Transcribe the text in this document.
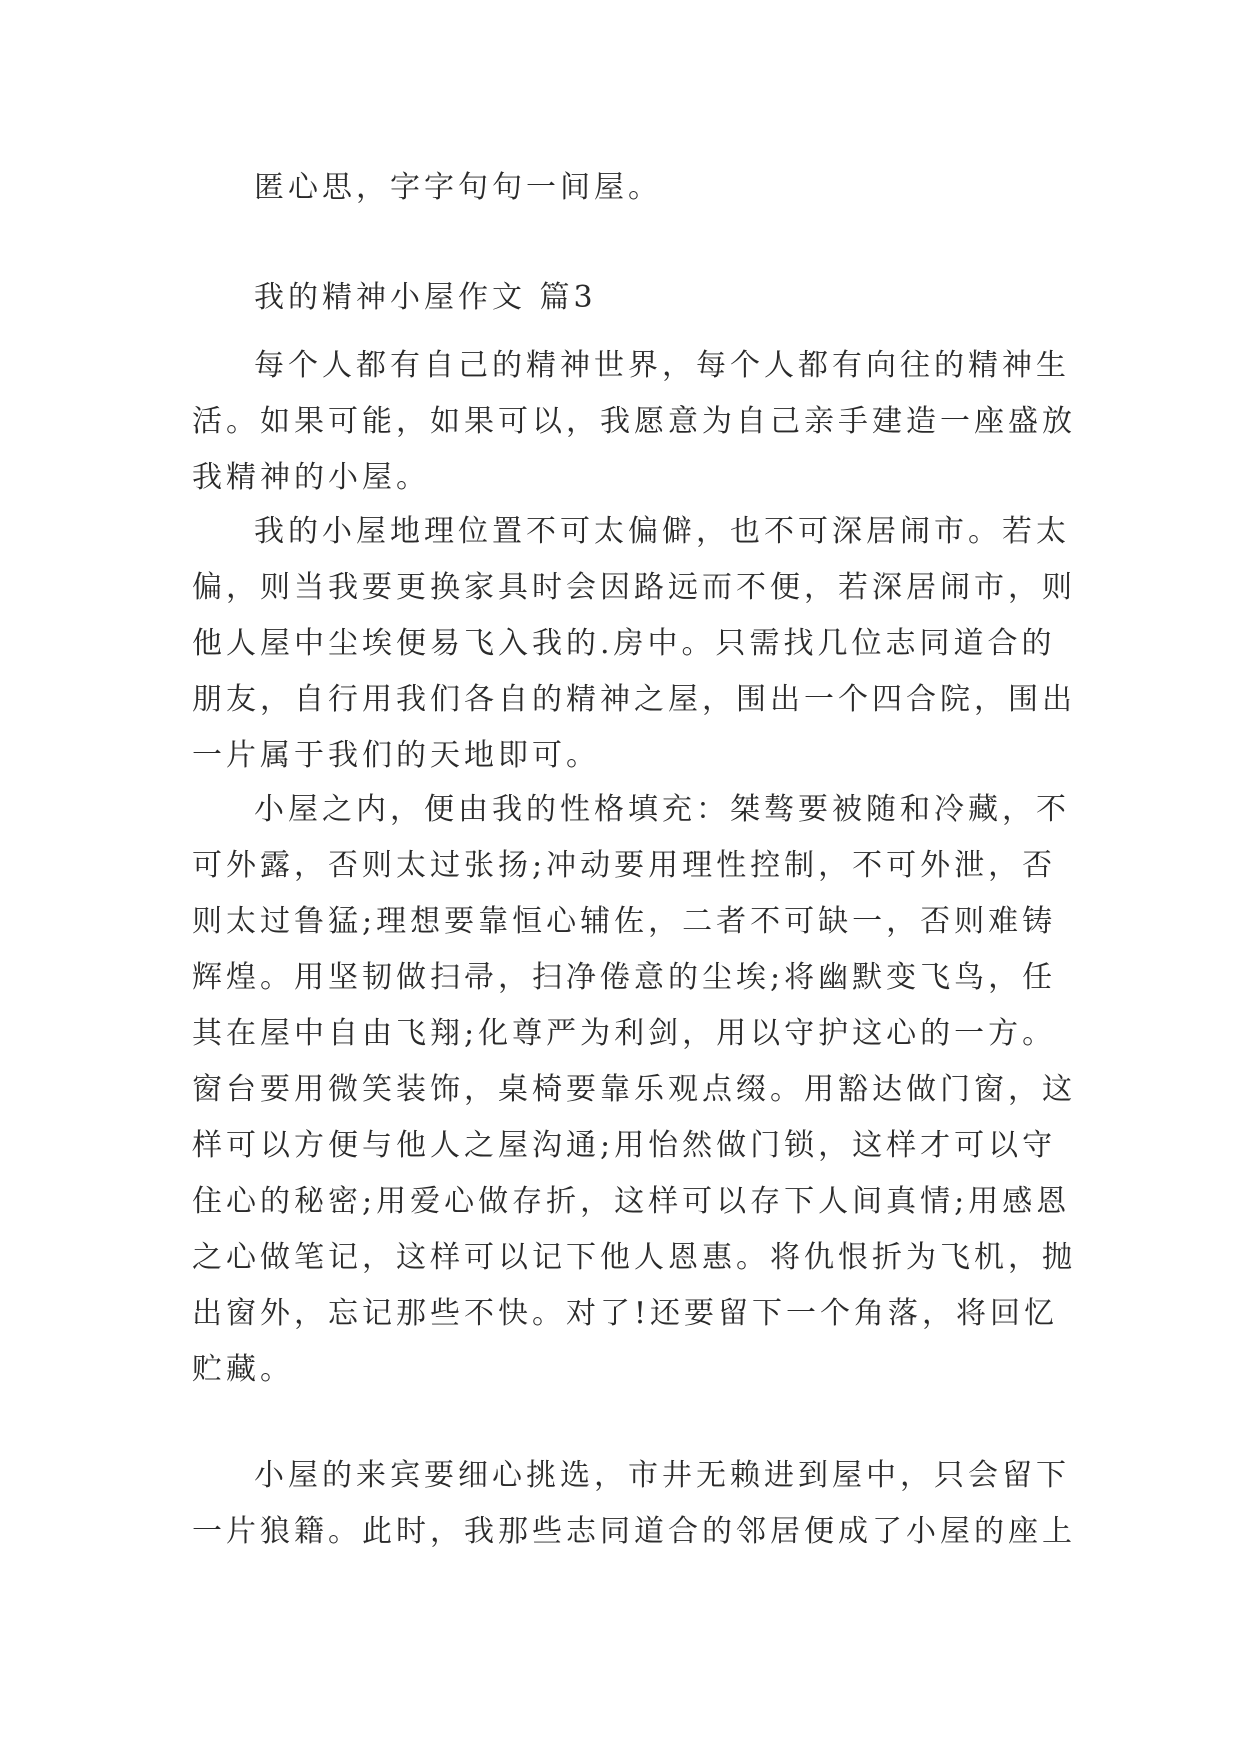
匿心思，字字句句一间屋。

我的精神小屋作文 篇3

每个人都有自己的精神世界，每个人都有向往的精神生
活。如果可能，如果可以，我愿意为自己亲手建造一座盛放
我精神的小屋。

我的小屋地理位置不可太偏僻，也不可深居闹市。若太
偏，则当我要更换家具时会因路远而不便，若深居闹市，则
他人屋中尘埃便易飞入我的.房中。只需找几位志同道合的
朋友，自行用我们各自的精神之屋，围出一个四合院，围出
一片属于我们的天地即可。

小屋之内，便由我的性格填充：桀骜要被随和冷藏，不
可外露，否则太过张扬;冲动要用理性控制，不可外泄，否
则太过鲁猛;理想要靠恒心辅佐，二者不可缺一，否则难铸
辉煌。用坚韧做扫帚，扫净倦意的尘埃;将幽默变飞鸟，任
其在屋中自由飞翔;化尊严为利剑，用以守护这心的一方。
窗台要用微笑装饰，桌椅要靠乐观点缀。用豁达做门窗，这
样可以方便与他人之屋沟通;用怡然做门锁，这样才可以守
住心的秘密;用爱心做存折，这样可以存下人间真情;用感恩
之心做笔记，这样可以记下他人恩惠。将仇恨折为飞机，抛
出窗外，忘记那些不快。对了!还要留下一个角落，将回忆
贮藏。

小屋的来宾要细心挑选，市井无赖进到屋中，只会留下
一片狼籍。此时，我那些志同道合的邻居便成了小屋的座上
